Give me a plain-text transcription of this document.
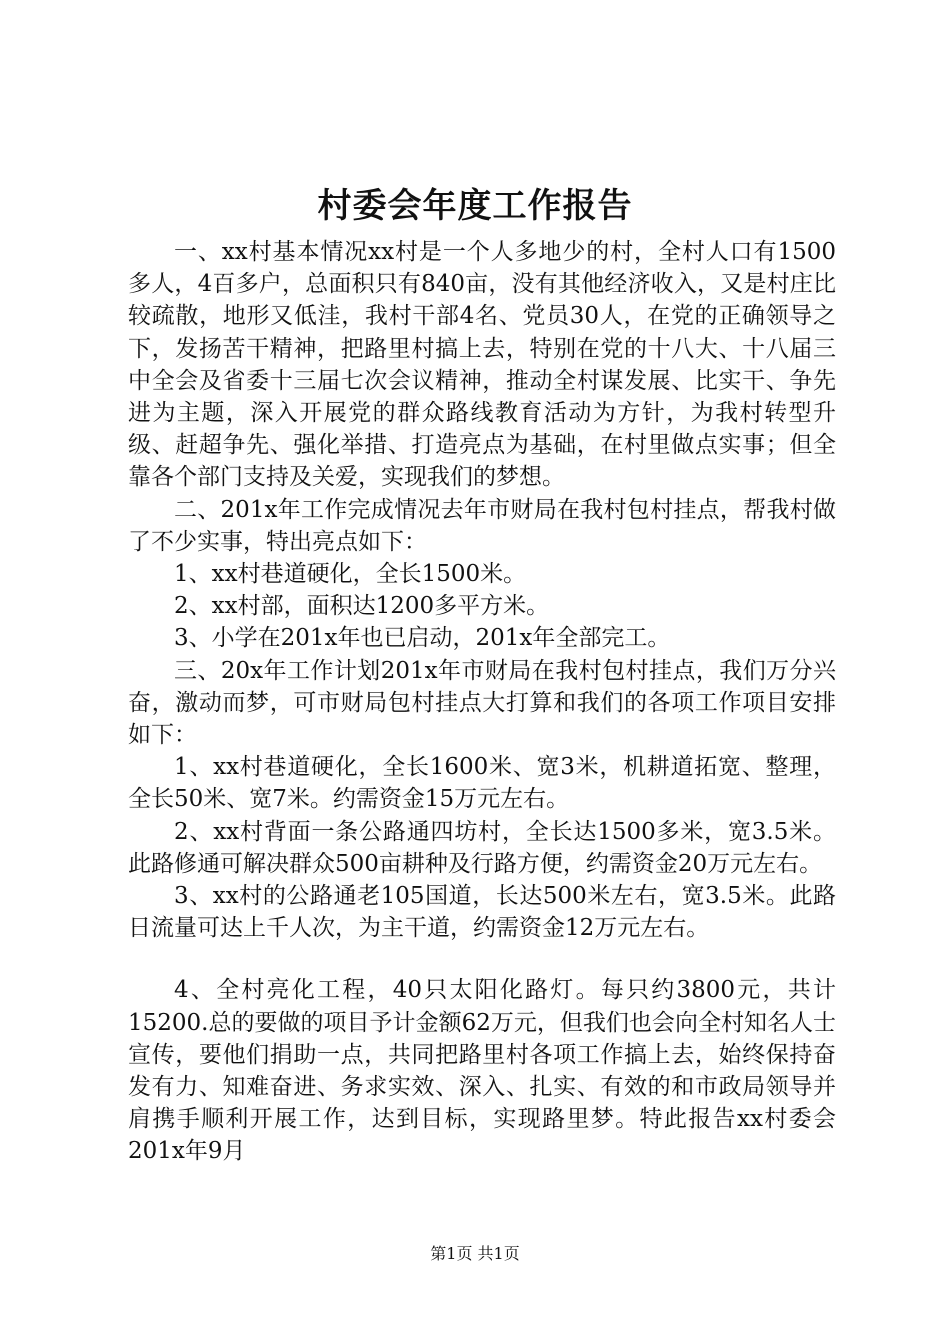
村委会年度工作报告

一、xx村基本情况xx村是一个人多地少的村，全村人口有1500多人，4百多户，总面积只有840亩，没有其他经济收入，又是村庄比较疏散，地形又低洼，我村干部4名、党员30人，在党的正确领导之下，发扬苦干精神，把路里村搞上去，特别在党的十八大、十八届三中全会及省委十三届七次会议精神，推动全村谋发展、比实干、争先进为主题，深入开展党的群众路线教育活动为方针，为我村转型升级、赶超争先、强化举措、打造亮点为基础，在村里做点实事；但全靠各个部门支持及关爱，实现我们的梦想。

二、201x年工作完成情况去年市财局在我村包村挂点，帮我村做了不少实事，特出亮点如下：

1、xx村巷道硬化，全长1500米。

2、xx村部，面积达1200多平方米。

3、小学在201x年也已启动，201x年全部完工。

三、20x年工作计划201x年市财局在我村包村挂点，我们万分兴奋，激动而梦，可市财局包村挂点大打算和我们的各项工作项目安排如下：

1、xx村巷道硬化，全长1600米、宽3米，机耕道拓宽、整理，全长50米、宽7米。约需资金15万元左右。

2、xx村背面一条公路通四坊村，全长达1500多米，宽3.5米。此路修通可解决群众500亩耕种及行路方便，约需资金20万元左右。

3、xx村的公路通老105国道，长达500米左右，宽3.5米。此路日流量可达上千人次，为主干道，约需资金12万元左右。

4、全村亮化工程，40只太阳化路灯。每只约3800元，共计15200.总的要做的项目予计金额62万元，但我们也会向全村知名人士宣传，要他们捐助一点，共同把路里村各项工作搞上去，始终保持奋发有力、知难奋进、务求实效、深入、扎实、有效的和市政局领导并肩携手顺利开展工作，达到目标，实现路里梦。特此报告xx村委会201x年9月

第1页 共1页
